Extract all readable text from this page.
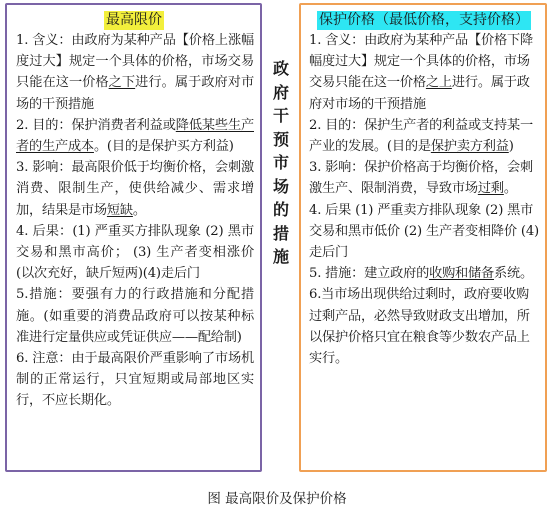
最高限价

1. 含义：由政府为某种产品【价格上涨幅度过大】规定一个具体的价格，市场交易只能在这一价格之下进行。属于政府对市场的干预措施

2. 目的：保护消费者利益或降低某些生产者的生产成本。(目的是保护买方利益)

3. 影响：最高限价低于均衡价格，会刺激消费、限制生产，使供给减少、需求增加，结果是市场短缺。

4. 后果：(1) 严重买方排队现象 (2) 黑市交易和黑市高价； (3) 生产者变相涨价(以次充好，缺斤短两)(4)走后门

5.措施：要强有力的行政措施和分配措施。(如重要的消费品政府可以按某种标准进行定量供应或凭证供应——配给制)

6. 注意：由于最高限价严重影响了市场机制的正常运行，只宜短期或局部地区实行，不应长期化。

政
府
干
预
市
场
的
措
施
保护价格（最低价格，支持价格）

1. 含义：由政府为某种产品【价格下降幅度过大】规定一个具体的价格，市场交易只能在这一价格之上进行。属于政府对市场的干预措施

2. 目的：保护生产者的利益或支持某一产业的发展。(目的是保护卖方利益)

3. 影响：保护价格高于均衡价格，会刺激生产、限制消费，导致市场过剩。

4. 后果 (1) 严重卖方排队现象 (2) 黑市交易和黑市低价 (2) 生产者变相降价 (4) 走后门

5. 措施：建立政府的收购和储备系统。

6.当市场出现供给过剩时，政府要收购过剩产品，必然导致财政支出增加，所以保护价格只宜在粮食等少数农产品上实行。

图 最高限价及保护价格
